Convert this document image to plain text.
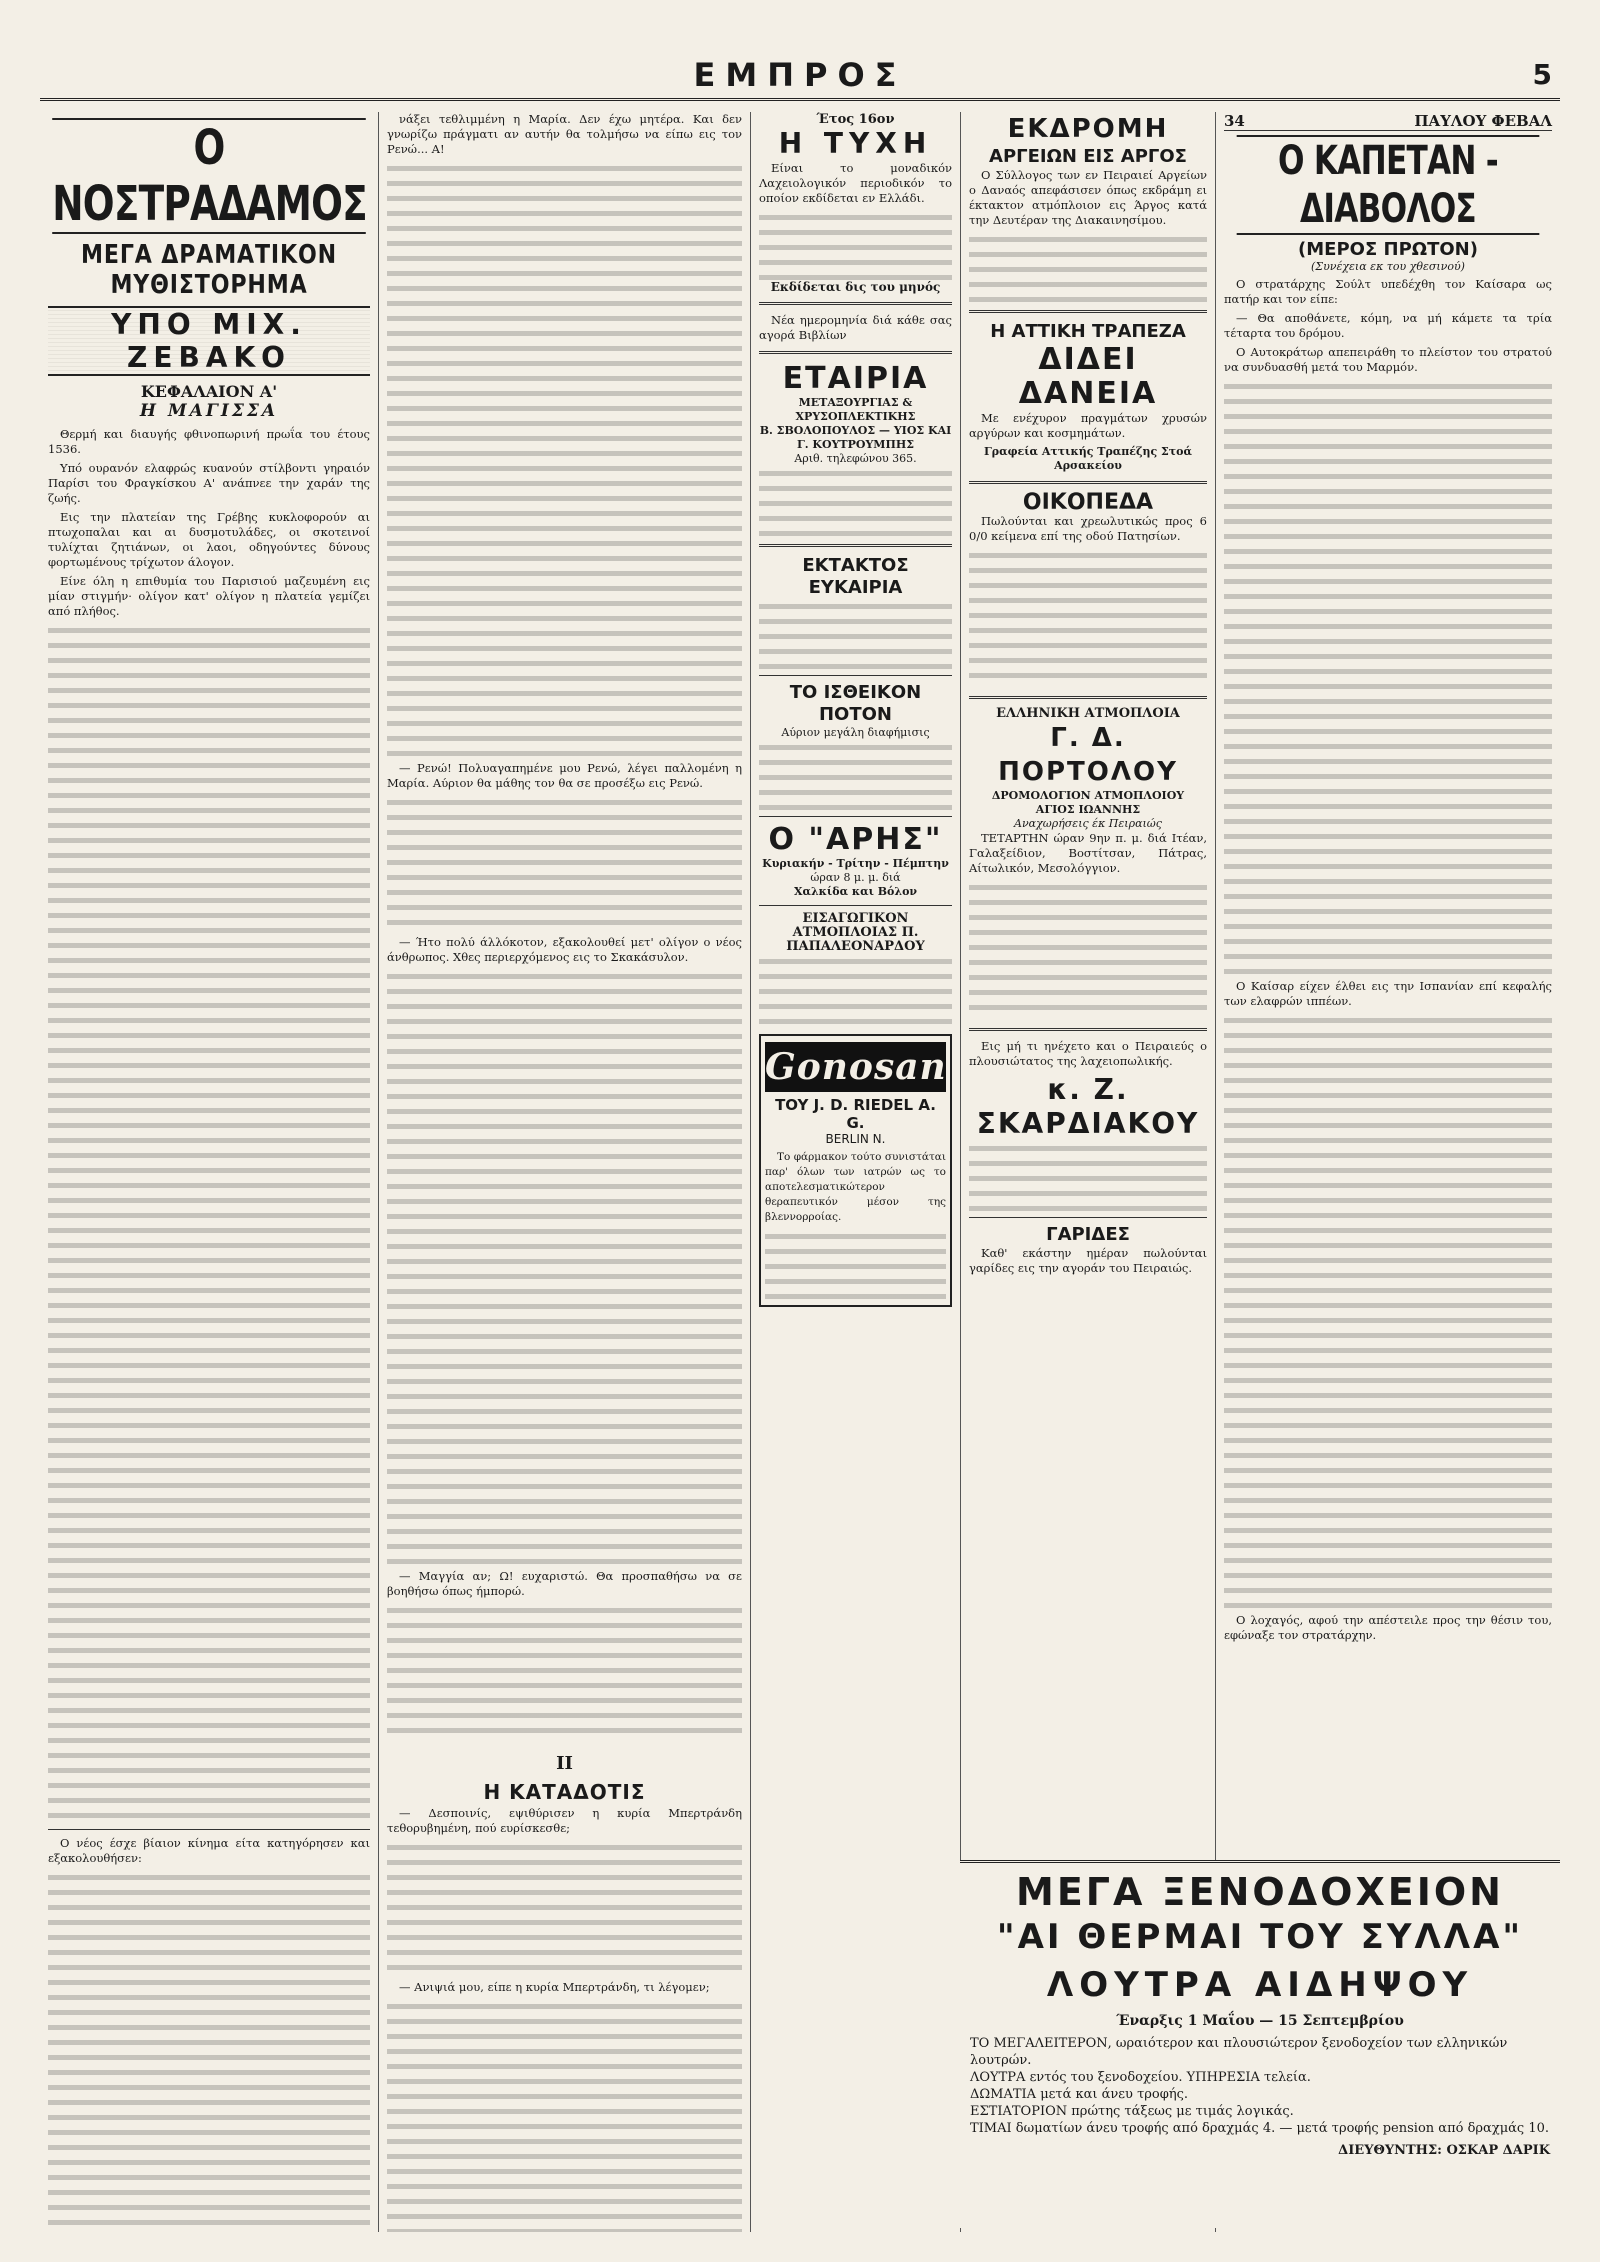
ΕΜΠΡΟΣ	5
Ο ΝΟΣΤΡΑΔΑΜΟΣ
ΜΕΓΑ ΔΡΑΜΑΤΙΚΟΝ ΜΥΘΙΣΤΟΡΗΜΑ
ΥΠΟ ΜΙΧ. ΖΕΒΑΚΟ
ΚΕΦΑΛΑΙΟΝ Α'
Η ΜΑΓΙΣΣΑ

Θερμή και διαυγής φθινοπωρινή πρωΐα του έτους 1536.

Υπό ουρανόν ελαφρώς κυανούν στίλβοντι γηραιόν Παρίσι του Φραγκίσκου Α' ανάπνεε την χαράν της ζωής.

Εις την πλατείαν της Γρέβης κυκλοφορούν αι πτωχοπαλαι και αι δυσμοτυλάδες, οι σκοτεινοί τυλίχται ζητιάνων, οι λαοι, οδηγούντες δύνους φορτωμένους τρίχωτον άλογον.

Είνε όλη η επιθυμία του Παρισιού μαζευμένη εις μίαν στιγμήν· ολίγον κατ' ολίγον η πλατεία γεμίζει από πλήθος.

Ο νέος έσχε βίαιον κίνημα είτα κατηγόρησεν και εξακολουθήσεν:

νάξει τεθλιμμένη η Μαρία. Δεν έχω μητέρα. Και δεν γνωρίζω πράγματι αν αυτήν θα τολμήσω να είπω εις τον Ρενώ... Α!

— Ρενώ! Πολυαγαπημένε μου Ρενώ, λέγει παλλομένη η Μαρία. Αύριον θα μάθης τον θα σε προσέξω εις Ρενώ.

— Ήτο πολύ άλλόκοτον, εξακολουθεί μετ' ολίγον ο νέος άνθρωπος. Χθες περιερχόμενος εις το Σκακάσυλον.

— Μαγγία αν; Ω! ευχαριστώ. Θα προσπαθήσω να σε βοηθήσω όπως ήμπορώ.

ΙΙ
Η ΚΑΤΑΔΟΤΙΣ

— Δεσποινίς, εψιθύρισεν η κυρία Μπερτράνδη τεθορυβημένη, πού ευρίσκεσθε;

— Ανιψιά μου, είπε η κυρία Μπερτράνδη, τι λέγομεν;

Έτος 16ον
Η ΤΥΧΗ

Είναι το μοναδικόν Λαχειολογικόν περιοδικόν το οποίον εκδίδεται εν Ελλάδι.

Εκδίδεται δις του μηνός

Νέα ημερομηνία διά κάθε σας αγορά Βιβλίων

ΕΤΑΙΡΙΑ
ΜΕΤΑΞΟΥΡΓΙΑΣ & ΧΡΥΣΟΠΛΕΚΤΙΚΗΣ
Β. ΣΒΟΛΟΠΟΥΛΟΣ — ΥΙΟΣ ΚΑΙ Γ. ΚΟΥΤΡΟΥΜΠΗΣ
Αριθ. τηλεφώνου 365.
ΕΚΤΑΚΤΟΣ ΕΥΚΑΙΡΙΑ
ΤΟ ΙΣΘΕΙΚΟΝ ΠΟΤΟΝ
Αύριον μεγάλη διαφήμισις
Ο "ΑΡΗΣ"
Κυριακήν - Τρίτην - Πέμπτην
ώραν 8 μ. μ. διά
Χαλκίδα και Βόλον
ΕΙΣΑΓΩΓΙΚΟΝ ΑΤΜΟΠΛΟΙΑΣ Π. ΠΑΠΑΛΕΟΝΑΡΔΟΥ
Gonosan
TOY J. D. RIEDEL A. G.
BERLIN N.

Το φάρμακον τούτο συνιστάται παρ' όλων των ιατρών ως το αποτελεσματικώτερον θεραπευτικόν μέσον της βλεννορροίας.

ΕΚΔΡΟΜΗ
ΑΡΓΕΙΩΝ ΕΙΣ ΑΡΓΟΣ

Ο Σύλλογος των εν Πειραιεί Αργείων ο Δαναός απεφάσισεν όπως εκδράμη ει έκτακτον ατμόπλοιον εις Άργος κατά την Δευτέραν της Διακαινησίμου.

Η ΑΤΤΙΚΗ ΤΡΑΠΕΖΑ
ΔΙΔΕΙ ΔΑΝΕΙΑ

Με ενέχυρον πραγμάτων χρυσών αργύρων και κοσμημάτων.

Γραφεία Αττικής Τραπέζης Στοά Αρσακείου
ΟΙΚΟΠΕΔΑ

Πωλούνται και χρεωλυτικώς προς 6 0/0 κείμενα επί της οδού Πατησίων.

ΕΛΛΗΝΙΚΗ ΑΤΜΟΠΛΟΙΑ
Γ. Δ. ΠΟΡΤΟΛΟΥ
ΔΡΟΜΟΛΟΓΙΟΝ ΑΤΜΟΠΛΟΙΟΥ
ΑΓΙΟΣ ΙΩΑΝΝΗΣ
Αναχωρήσεις έκ Πειραιώς

ΤΕΤΑΡΤΗΝ ώραν 9ην π. μ. διά Ιτέαν, Γαλαξείδιον, Βοστίτσαν, Πάτρας, Αίτωλικόν, Μεσολόγγιον.

Εις μή τι ηνέχετο και ο Πειραιεύς ο πλουσιώτατος της λαχειοπωλικής.

κ. Ζ. ΣΚΑΡΔΙΑΚΟΥ
ΓΑΡΙΔΕΣ

Καθ' εκάστην ημέραν πωλούνται γαρίδες εις την αγοράν του Πειραιώς.

34	ΠΑΥΛΟΥ ΦΕΒΑΛ
Ο ΚΑΠΕΤΑΝ - ΔΙΑΒΟΛΟΣ
(ΜΕΡΟΣ ΠΡΩΤΟΝ)
(Συνέχεια εκ του χθεσινού)

Ο στρατάρχης Σούλτ υπεδέχθη τον Καίσαρα ως πατήρ και τον είπε:

— Θα αποθάνετε, κόμη, να μή κάμετε τα τρία τέταρτα του δρόμου.

Ο Αυτοκράτωρ απεπειράθη το πλείστον του στρατού να συνδυασθή μετά του Μαρμόν.

Ο Καίσαρ είχεν έλθει εις την Ισπανίαν επί κεφαλής των ελαφρών ιππέων.

Ο λοχαγός, αφού την απέστειλε προς την θέσιν του, εφώναξε τον στρατάρχην.

ΜΕΓΑ ΞΕΝΟΔΟΧΕΙΟΝ
"ΑΙ ΘΕΡΜΑΙ ΤΟΥ ΣΥΛΛΑ"
ΛΟΥΤΡΑ ΑΙΔΗΨΟΥ
Έναρξις 1 Μαΐου — 15 Σεπτεμβρίου
ΤΟ ΜΕΓΑΛΕΙΤΕΡΟΝ, ωραιότερον και πλουσιώτερον ξενοδοχείον των ελληνικών λουτρών.
ΛΟΥΤΡΑ εντός του ξενοδοχείου. ΥΠΗΡΕΣΙΑ τελεία.
ΔΩΜΑΤΙΑ μετά και άνευ τροφής.
ΕΣΤΙΑΤΟΡΙΟΝ πρώτης τάξεως με τιμάς λογικάς.
ΤΙΜΑΙ δωματίων άνευ τροφής από δραχμάς 4. — μετά τροφής pension από δραχμάς 10.
ΔΙΕΥΘΥΝΤΗΣ: ΟΣΚΑΡ ΔΑΡΙΚ
